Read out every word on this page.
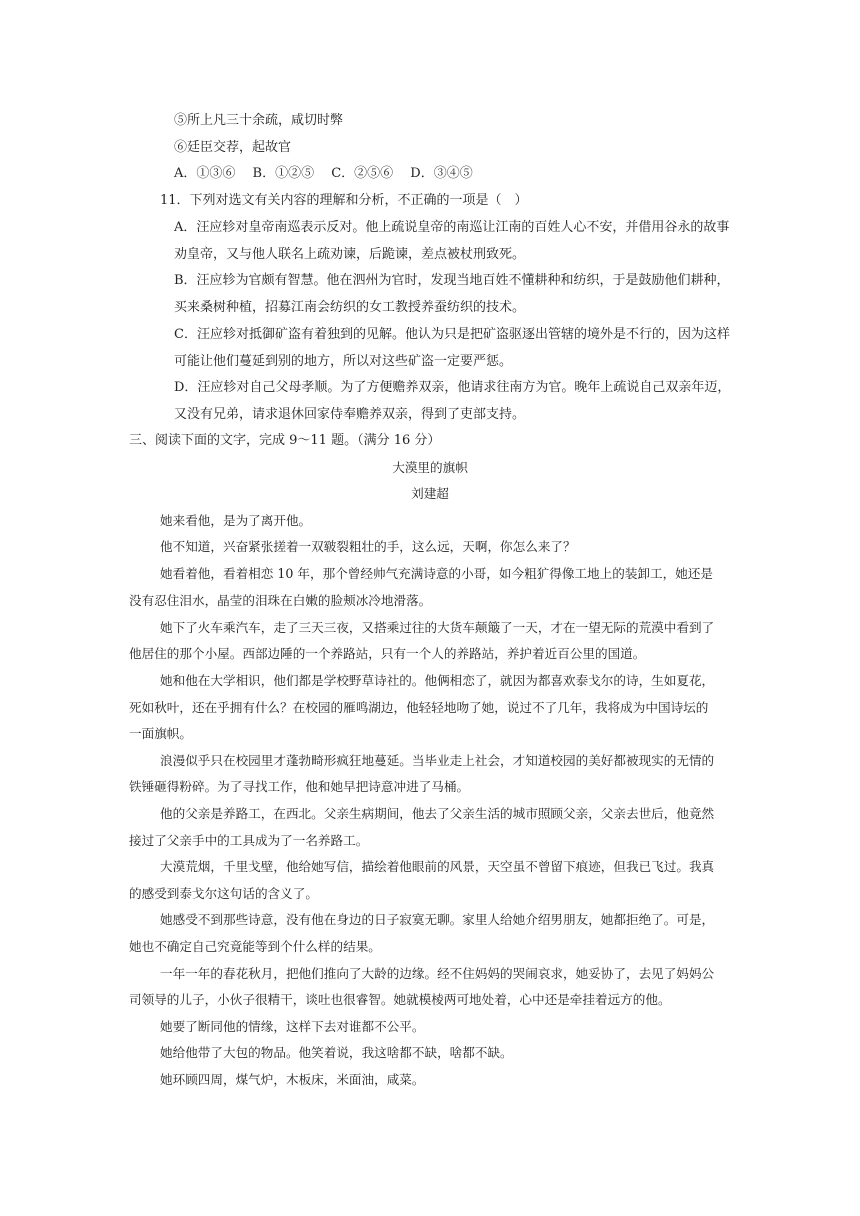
⑤所上凡三十余疏，咸切时弊
⑥廷臣交荐，起故官
A．①③⑥　 B．①②⑤　 C．②⑤⑥　 D．③④⑤
11．下列对选文有关内容的理解和分析，不正确的一项是（　）
A．汪应轸对皇帝南巡表示反对。他上疏说皇帝的南巡让江南的百姓人心不安，并借用谷永的故事
劝皇帝，又与他人联名上疏劝谏，后跪谏，差点被杖刑致死。
B．汪应轸为官颇有智慧。他在泗州为官时，发现当地百姓不懂耕种和纺织，于是鼓励他们耕种，
买来桑树种植，招募江南会纺织的女工教授养蚕纺织的技术。
C．汪应轸对抵御矿盗有着独到的见解。他认为只是把矿盗驱逐出管辖的境外是不行的，因为这样
可能让他们蔓延到别的地方，所以对这些矿盗一定要严惩。
D．汪应轸对自己父母孝顺。为了方便赡养双亲，他请求往南方为官。晚年上疏说自己双亲年迈，
又没有兄弟，请求退休回家侍奉赡养双亲，得到了吏部支持。
三、阅读下面的文字，完成 9～11 题。（满分 16 分）
大漠里的旗帜
刘建超
她来看他，是为了离开他。
他不知道，兴奋紧张搓着一双皲裂粗壮的手，这么远，天啊，你怎么来了？
她看着他，看着相恋 10 年，那个曾经帅气充满诗意的小哥，如今粗犷得像工地上的装卸工，她还是
没有忍住泪水，晶莹的泪珠在白嫩的脸颊冰冷地滑落。
她下了火车乘汽车，走了三天三夜，又搭乘过往的大货车颠簸了一天，才在一望无际的荒漠中看到了
他居住的那个小屋。西部边陲的一个养路站，只有一个人的养路站，养护着近百公里的国道。
她和他在大学相识，他们都是学校野草诗社的。他俩相恋了，就因为都喜欢泰戈尔的诗，生如夏花，
死如秋叶，还在乎拥有什么？在校园的雁鸣湖边，他轻轻地吻了她，说过不了几年，我将成为中国诗坛的
一面旗帜。
浪漫似乎只在校园里才蓬勃畸形疯狂地蔓延。当毕业走上社会，才知道校园的美好都被现实的无情的
铁锤砸得粉碎。为了寻找工作，他和她早把诗意冲进了马桶。
他的父亲是养路工，在西北。父亲生病期间，他去了父亲生活的城市照顾父亲，父亲去世后，他竟然
接过了父亲手中的工具成为了一名养路工。
大漠荒烟，千里戈壁，他给她写信，描绘着他眼前的风景，天空虽不曾留下痕迹，但我已飞过。我真
的感受到泰戈尔这句话的含义了。
她感受不到那些诗意，没有他在身边的日子寂寞无聊。家里人给她介绍男朋友，她都拒绝了。可是，
她也不确定自己究竟能等到个什么样的结果。
一年一年的春花秋月，把他们推向了大龄的边缘。经不住妈妈的哭闹哀求，她妥协了，去见了妈妈公
司领导的儿子，小伙子很精干，谈吐也很睿智。她就模棱两可地处着，心中还是牵挂着远方的他。
她要了断同他的情缘，这样下去对谁都不公平。
她给他带了大包的物品。他笑着说，我这啥都不缺，啥都不缺。
她环顾四周，煤气炉，木板床，米面油，咸菜。
